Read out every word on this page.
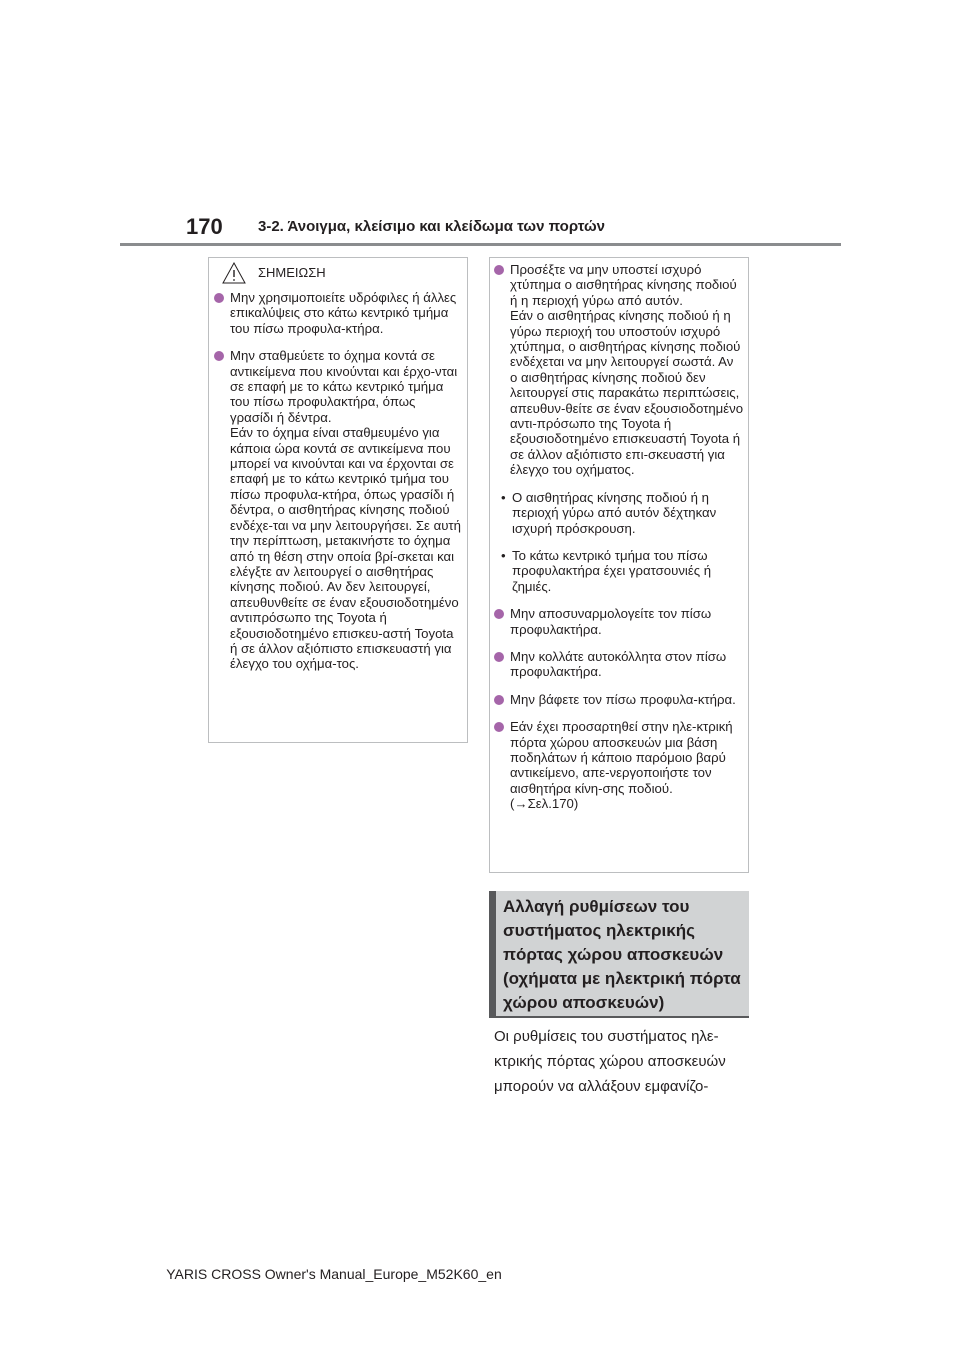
170 3-2. Άνοιγμα, κλείσιμο και κλείδωμα των πορτών
ΣΗΜΕΙΩΣΗ

Μην χρησιμοποιείτε υδρόφιλες ή άλλες επικαλύψεις στο κάτω κεντρικό τμήμα του πίσω προφυλα-κτήρα.

Μην σταθμεύετε το όχημα κοντά σε αντικείμενα που κινούνται και έρχο-νται σε επαφή με το κάτω κεντρικό τμήμα του πίσω προφυλακτήρα, όπως γρασίδι ή δέντρα.

Εάν το όχημα είναι σταθμευμένο για κάποια ώρα κοντά σε αντικείμενα που μπορεί να κινούνται και να έρχονται σε επαφή με το κάτω κεντρικό τμήμα του πίσω προφυλα-κτήρα, όπως γρασίδι ή δέντρα, ο αισθητήρας κίνησης ποδιού ενδέχε-ται να μην λειτουργήσει. Σε αυτή την περίπτωση, μετακινήστε το όχημα από τη θέση στην οποία βρί-σκεται και ελέγξτε αν λειτουργεί ο αισθητήρας κίνησης ποδιού. Αν δεν λειτουργεί, απευθυνθείτε σε έναν εξουσιοδοτημένο αντιπρόσωπο της Toyota ή εξουσιοδοτημένο επισκευ-αστή Toyota ή σε άλλον αξιόπιστο επισκευαστή για έλεγχο του οχήμα-τος.

Προσέξτε να μην υποστεί ισχυρό χτύπημα ο αισθητήρας κίνησης ποδιού ή η περιοχή γύρω από αυτόν.

Εάν ο αισθητήρας κίνησης ποδιού ή η γύρω περιοχή του υποστούν ισχυρό χτύπημα, ο αισθητήρας κίνησης ποδιού ενδέχεται να μην λειτουργεί σωστά. Αν ο αισθητήρας κίνησης ποδιού δεν λειτουργεί στις παρακάτω περιπτώσεις, απευθυν-θείτε σε έναν εξουσιοδοτημένο αντι-πρόσωπο της Toyota ή εξουσιοδοτημένο επισκευαστή Toyota ή σε άλλον αξιόπιστο επι-σκευαστή για έλεγχο του οχήματος.

• Ο αισθητήρας κίνησης ποδιού ή η περιοχή γύρω από αυτόν δέχτηκαν ισχυρή πρόσκρουση.

• Το κάτω κεντρικό τμήμα του πίσω προφυλακτήρα έχει γρατσουνιές ή ζημιές.

Μην αποσυναρμολογείτε τον πίσω προφυλακτήρα.

Μην κολλάτε αυτοκόλλητα στον πίσω προφυλακτήρα.

Μην βάφετε τον πίσω προφυλα-κτήρα.

Εάν έχει προσαρτηθεί στην ηλε-κτρική πόρτα χώρου αποσκευών μια βάση ποδηλάτων ή κάποιο παρόμοιο βαρύ αντικείμενο, απε-νεργοποιήστε τον αισθητήρα κίνη-σης ποδιού. (→Σελ.170)

Αλλαγή ρυθμίσεων του συστήματος ηλεκτρικής πόρτας χώρου αποσκευών (οχήματα με ηλεκτρική πόρτα χώρου αποσκευών)

Οι ρυθμίσεις του συστήματος ηλε-κτρικής πόρτας χώρου αποσκευών μπορούν να αλλάξουν εμφανίζο-

YARIS CROSS Owner's Manual_Europe_M52K60_en
